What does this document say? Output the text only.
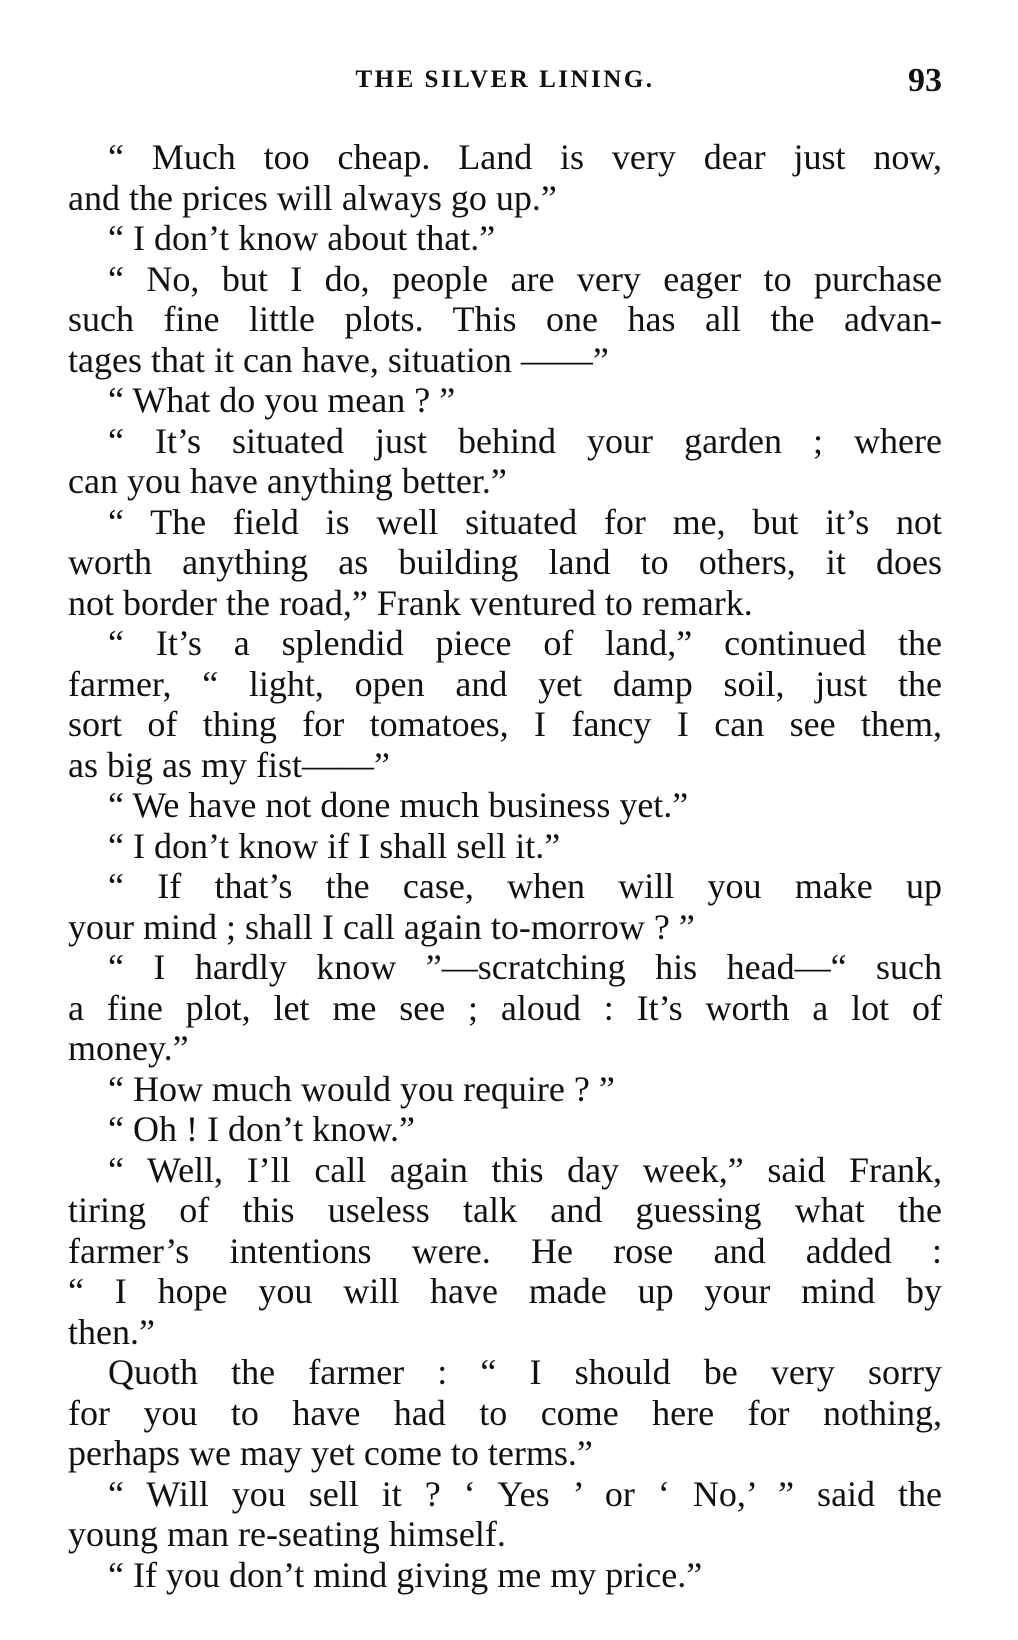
THE SILVER LINING.	93
“ Much too cheap. Land is very dear just now,
and the prices will always go up.”
“ I don’t know about that.”
“ No, but I do, people are very eager to purchase
such fine little plots. This one has all the advan-
tages that it can have, situation ——”
“ What do you mean ? ”
“ It’s situated just behind your garden ; where
can you have anything better.”
“ The field is well situated for me, but it’s not
worth anything as building land to others, it does
not border the road,” Frank ventured to remark.
“ It’s a splendid piece of land,” continued the
farmer, “ light, open and yet damp soil, just the
sort of thing for tomatoes, I fancy I can see them,
as big as my fist——”
“ We have not done much business yet.”
“ I don’t know if I shall sell it.”
“ If that’s the case, when will you make up
your mind ; shall I call again to-morrow ? ”
“ I hardly know ”—scratching his head—“ such
a fine plot, let me see ; aloud : It’s worth a lot of
money.”
“ How much would you require ? ”
“ Oh ! I don’t know.”
“ Well, I’ll call again this day week,” said Frank,
tiring of this useless talk and guessing what the
farmer’s intentions were. He rose and added :
“ I hope you will have made up your mind by
then.”
Quoth the farmer : “ I should be very sorry
for you to have had to come here for nothing,
perhaps we may yet come to terms.”
“ Will you sell it ? ‘ Yes ’ or ‘ No,’ ” said the
young man re-seating himself.
“ If you don’t mind giving me my price.”
